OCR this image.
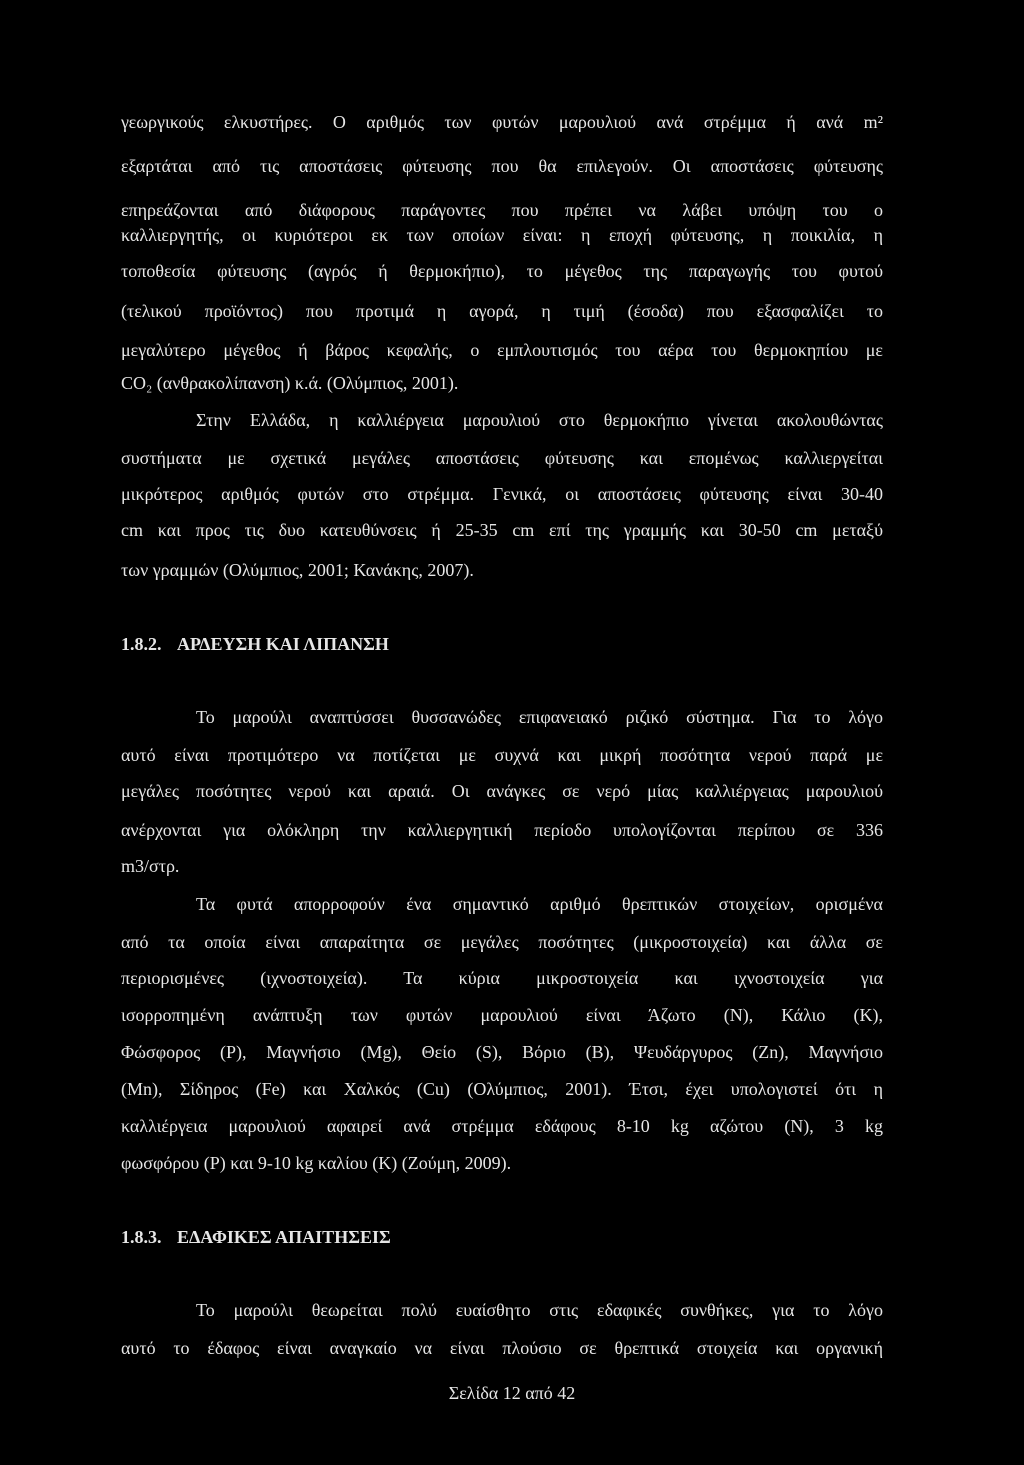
γεωργικούς ελκυστήρες. Ο αριθμός των φυτών μαρουλιού ανά στρέμμα ή ανά m²
εξαρτάται από τις αποστάσεις φύτευσης που θα επιλεγούν. Οι αποστάσεις φύτευσης
επηρεάζονται από διάφορους παράγοντες που πρέπει να λάβει υπόψη του ο
καλλιεργητής, οι κυριότεροι εκ των οποίων είναι: η εποχή φύτευσης, η ποικιλία, η
τοποθεσία φύτευσης (αγρός ή θερμοκήπιο), το μέγεθος της παραγωγής του φυτού
(τελικού προϊόντος) που προτιμά η αγορά, η τιμή (έσοδα) που εξασφαλίζει το
μεγαλύτερο μέγεθος ή βάρος κεφαλής, ο εμπλουτισμός του αέρα του θερμοκηπίου με
CO₂ (ανθρακολίπανση) κ.ά. (Ολύμπιος, 2001).
Στην Ελλάδα, η καλλιέργεια μαρουλιού στο θερμοκήπιο γίνεται ακολουθώντας
συστήματα με σχετικά μεγάλες αποστάσεις φύτευσης και επομένως καλλιεργείται
μικρότερος αριθμός φυτών στο στρέμμα. Γενικά, οι αποστάσεις φύτευσης είναι 30-40
cm και προς τις δυο κατευθύνσεις ή 25-35 cm επί της γραμμής και 30-50 cm μεταξύ
των γραμμών (Ολύμπιος, 2001; Κανάκης, 2007).
1.8.2. ΑΡΔΕΥΣΗ ΚΑΙ ΛΙΠΑΝΣΗ
Το μαρούλι αναπτύσσει θυσσανώδες επιφανειακό ριζικό σύστημα. Για το λόγο
αυτό είναι προτιμότερο να ποτίζεται με συχνά και μικρή ποσότητα νερού παρά με
μεγάλες ποσότητες νερού και αραιά. Οι ανάγκες σε νερό μίας καλλιέργειας μαρουλιού
ανέρχονται για ολόκληρη την καλλιεργητική περίοδο υπολογίζονται περίπου σε 336
m3/στρ.
Τα φυτά απορροφούν ένα σημαντικό αριθμό θρεπτικών στοιχείων, ορισμένα
από τα οποία είναι απαραίτητα σε μεγάλες ποσότητες (μικροστοιχεία) και άλλα σε
περιορισμένες (ιχνοστοιχεία). Τα κύρια μικροστοιχεία και ιχνοστοιχεία για
ισορροπημένη ανάπτυξη των φυτών μαρουλιού είναι Άζωτο (Ν), Κάλιο (Κ),
Φώσφορος (Ρ), Μαγνήσιο (Mg), Θείο (S), Βόριο (Β), Ψευδάργυρος (Zn), Μαγνήσιο
(Mn), Σίδηρος (Fe) και Χαλκός (Cu) (Ολύμπιος, 2001). Έτσι, έχει υπολογιστεί ότι η
καλλιέργεια μαρουλιού αφαιρεί ανά στρέμμα εδάφους 8-10 kg αζώτου (Ν), 3 kg
φωσφόρου (Ρ) και 9-10 kg καλίου (Κ) (Ζούμη, 2009).
1.8.3. ΕΔΑΦΙΚΕΣ ΑΠΑΙΤΗΣΕΙΣ
Το μαρούλι θεωρείται πολύ ευαίσθητο στις εδαφικές συνθήκες, για το λόγο
αυτό το έδαφος είναι αναγκαίο να είναι πλούσιο σε θρεπτικά στοιχεία και οργανική
Σελίδα 12 από 42
